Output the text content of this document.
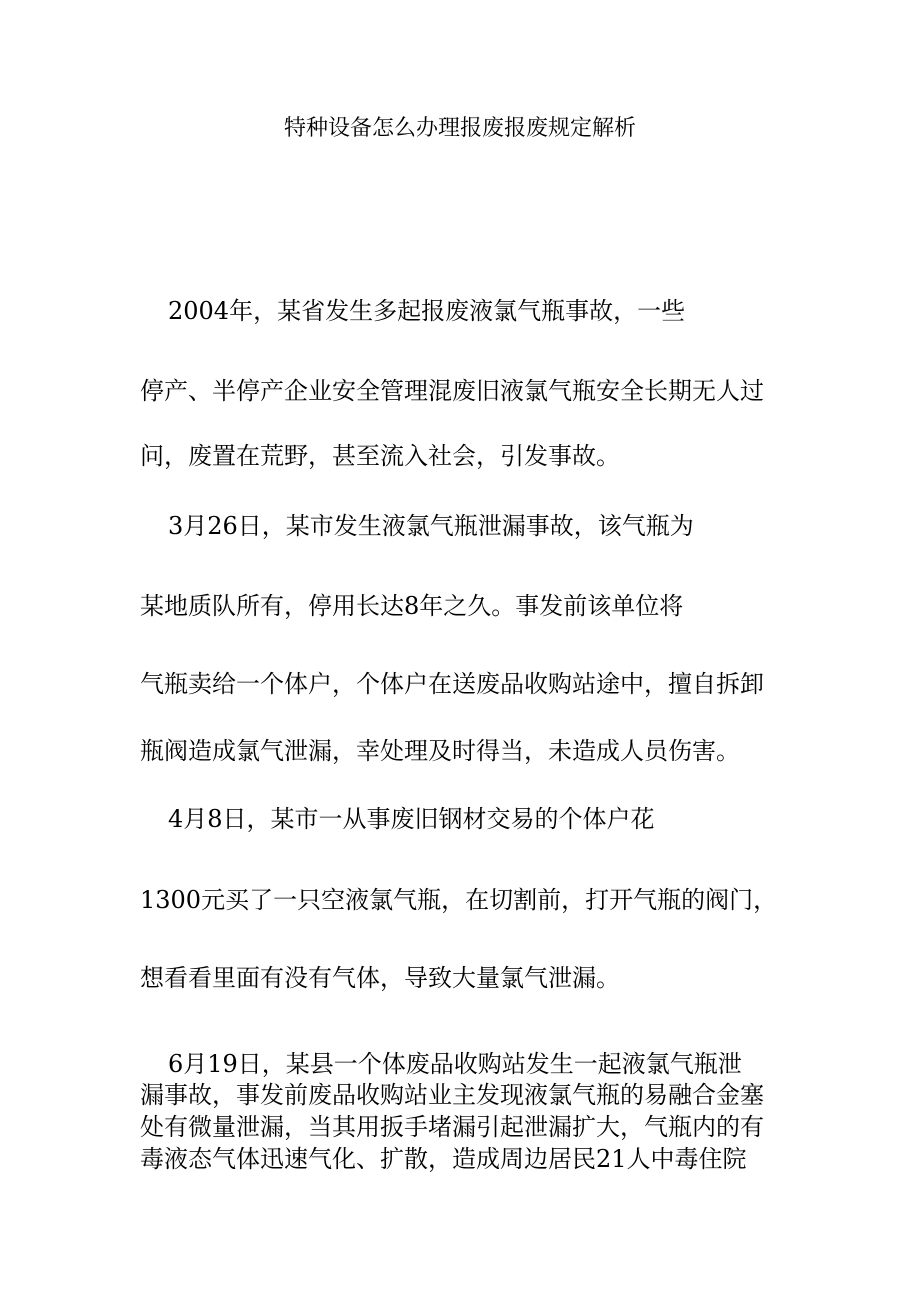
特种设备怎么办理报废报废规定解析
2004年，某省发生多起报废液氯气瓶事故，一些
停产、半停产企业安全管理混废旧液氯气瓶安全长期无人过
问，废置在荒野，甚至流入社会，引发事故。
3月26日，某市发生液氯气瓶泄漏事故，该气瓶为
某地质队所有，停用长达8年之久。事发前该单位将
气瓶卖给一个体户，个体户在送废品收购站途中，擅自拆卸
瓶阀造成氯气泄漏，幸处理及时得当，未造成人员伤害。
4月8日，某市一从事废旧钢材交易的个体户花
1300元买了一只空液氯气瓶，在切割前，打开气瓶的阀门，
想看看里面有没有气体，导致大量氯气泄漏。
6月19日，某县一个体废品收购站发生一起液氯气瓶泄
漏事故，事发前废品收购站业主发现液氯气瓶的易融合金塞
处有微量泄漏，当其用扳手堵漏引起泄漏扩大，气瓶内的有
毒液态气体迅速气化、扩散，造成周边居民21人中毒住院
